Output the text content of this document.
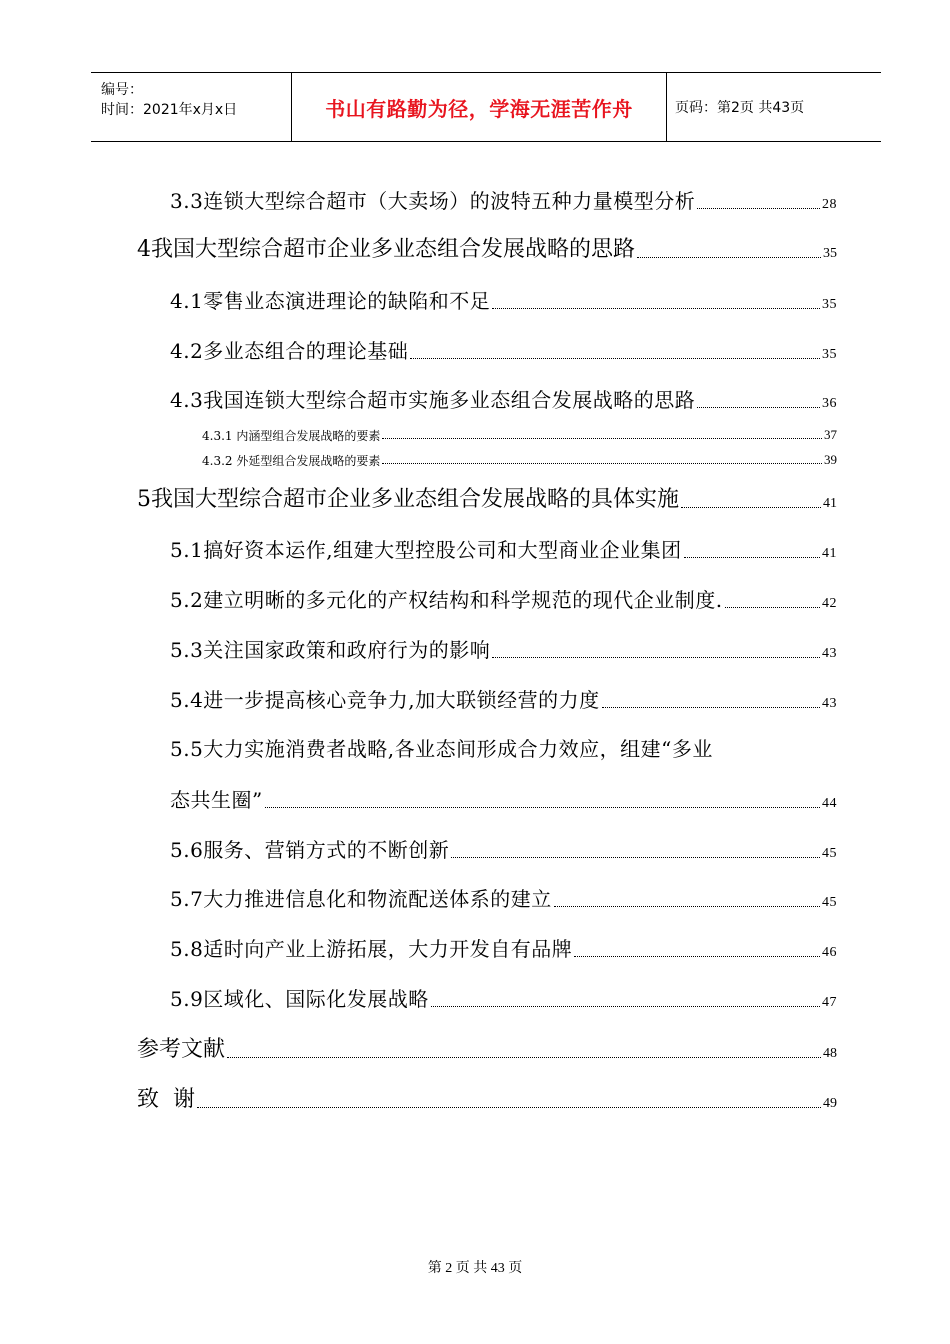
编号：
时间：2021年x月x日	书山有路勤为径，学海无涯苦作舟	页码：第2页 共43页
3.3连锁大型综合超市（大卖场）的波特五种力量模型分析	28
4我国大型综合超市企业多业态组合发展战略的思路	35
4.1零售业态演进理论的缺陷和不足	35
4.2多业态组合的理论基础	35
4.3我国连锁大型综合超市实施多业态组合发展战略的思路	36
4.3.1 内涵型组合发展战略的要素	37
4.3.2 外延型组合发展战略的要素	39
5我国大型综合超市企业多业态组合发展战略的具体实施	41
5.1搞好资本运作,组建大型控股公司和大型商业企业集团	41
5.2建立明晰的多元化的产权结构和科学规范的现代企业制度.	42
5.3关注国家政策和政府行为的影响	43
5.4进一步提高核心竞争力,加大联锁经营的力度	43
5.5大力实施消费者战略,各业态间形成合力效应，组建“多业
态共生圈”	44
5.6服务、营销方式的不断创新	45
5.7大力推进信息化和物流配送体系的建立	45
5.8适时向产业上游拓展，大力开发自有品牌	46
5.9区域化、国际化发展战略	47
参考文献	48
致  谢	49
第 2 页 共 43 页
